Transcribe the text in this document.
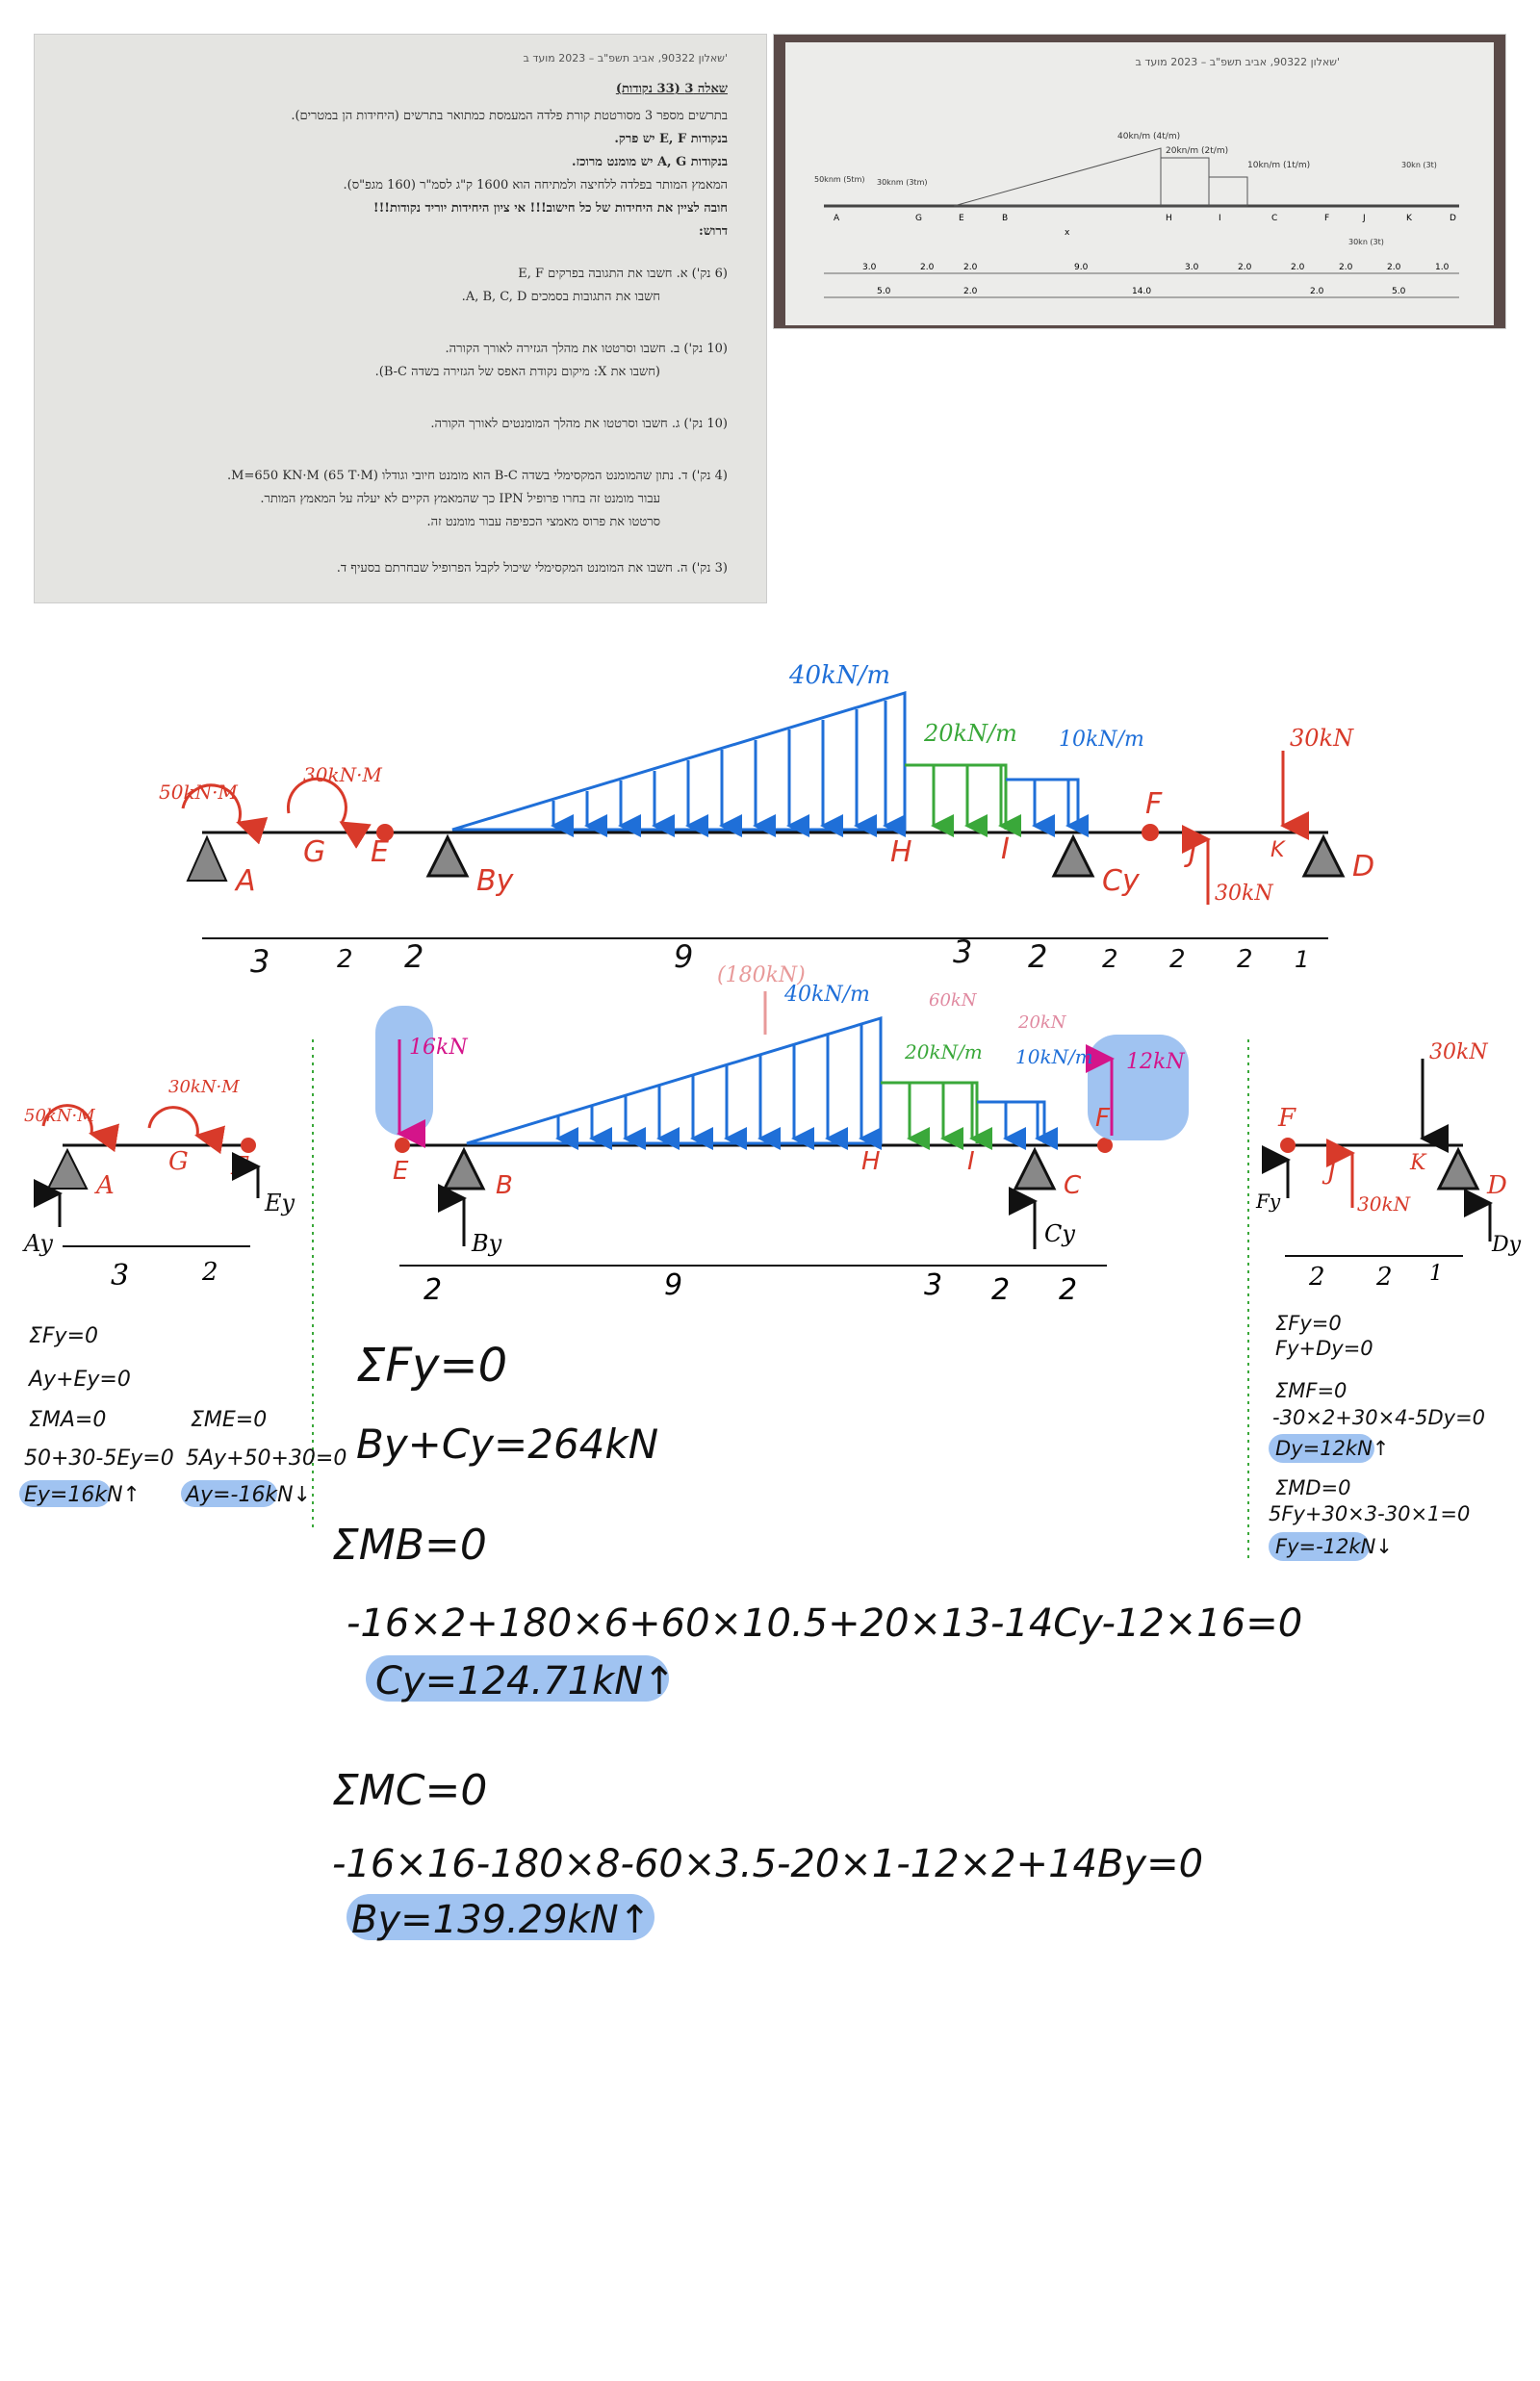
שאלון 90322, אביב תשפ"ב – 2023 מועד ב'
שאלה 3 (33 נקודות)
בתרשים מספר 3 מסורטטת קורת פלדה המעמסת כמתואר בתרשים (היחידות הן במטרים).
בנקודות E, F יש פרק.
בנקודות A, G יש מומנט מרוכז.
המאמץ המותר בפלדה ללחיצה ולמתיחה הוא 1600 ק"ג לסמ"ר (160 מגפ"ס).
חובה לציין את היחידות של כל חישוב!!! אי ציון היחידות יוריד נקודות!!!
דרוש:
(6 נק') א. חשבו את התגובה בפרקים E, F
חשבו את התגובות בסמכים A, B, C, D.
(10 נק') ב. חשבו וסרטטו את מהלך הגזירה לאורך הקורה.
(חשבו את X: מיקום נקודת האפס של הגזירה בשדה B-C).
(10 נק') ג. חשבו וסרטטו את מהלך המומנטים לאורך הקורה.
(4 נק') ד. נתון שהמומנט המקסימלי בשדה B-C הוא מומנט חיובי וגודלו M=650 KN·M (65 T·M).
עבור מומנט זה בחרו פרופיל IPN כך שהמאמץ הקיים לא יעלה על המאמץ המותר.
סרטטו את פרוס מאמצי הכפיפה עבור מומנט זה.
(3 נק') ה. חשבו את המומנט המקסימלי שיכול לקבל הפרופיל שבחרתם בסעיף ד.
שאלון 90322, אביב תשפ"ב – 2023 מועד ב'
40kn/m (4t/m)
20kn/m (2t/m)
10kn/m (1t/m)
50knm (5tm) 30knm (3tm)
30kn (3t)
30kn (3t)
A	G	E	B	H	I	C	F	J	K	D
x
3.0	2.0	2.0	9.0	3.0	2.0	2.0	2.0	2.0	1.0
5.0	2.0	14.0	2.0	5.0
40kN/m
20kN/m 10kN/m
50kN·M
30kN·M
30kN
30kN
A
G E
By
H	I
Cy
F
J	K D
3	2 2	9	3 2 2 2 2 1
50kN·M
30kN·M
A
G E
Ay
Ey
3	2
ΣFy=0
Ay+Ey=0
ΣMA=0
50+30-5Ey=0
Ey=16kN↑
ΣME=0
5Ay+50+30=0
Ay=-16kN↓
16kN
12kN
(180kN)
40kN/m
20kN/m
60kN
20kN
10kN/m
E	B
H	I
C
F
By	Cy
2	9	3 2 2
30kN
30kN
F
Fy
J	K
D
Dy
2 2 1
ΣFy=0
Fy+Dy=0
ΣMF=0
-30×2+30×4-5Dy=0
Dy=12kN↑
ΣMD=0
5Fy+30×3-30×1=0
Fy=-12kN↓
ΣFy=0
By+Cy=264kN
ΣMB=0
-16×2+180×6+60×10.5+20×13-14Cy-12×16=0
Cy=124.71kN↑
ΣMC=0
-16×16-180×8-60×3.5-20×1-12×2+14By=0
By=139.29kN↑
